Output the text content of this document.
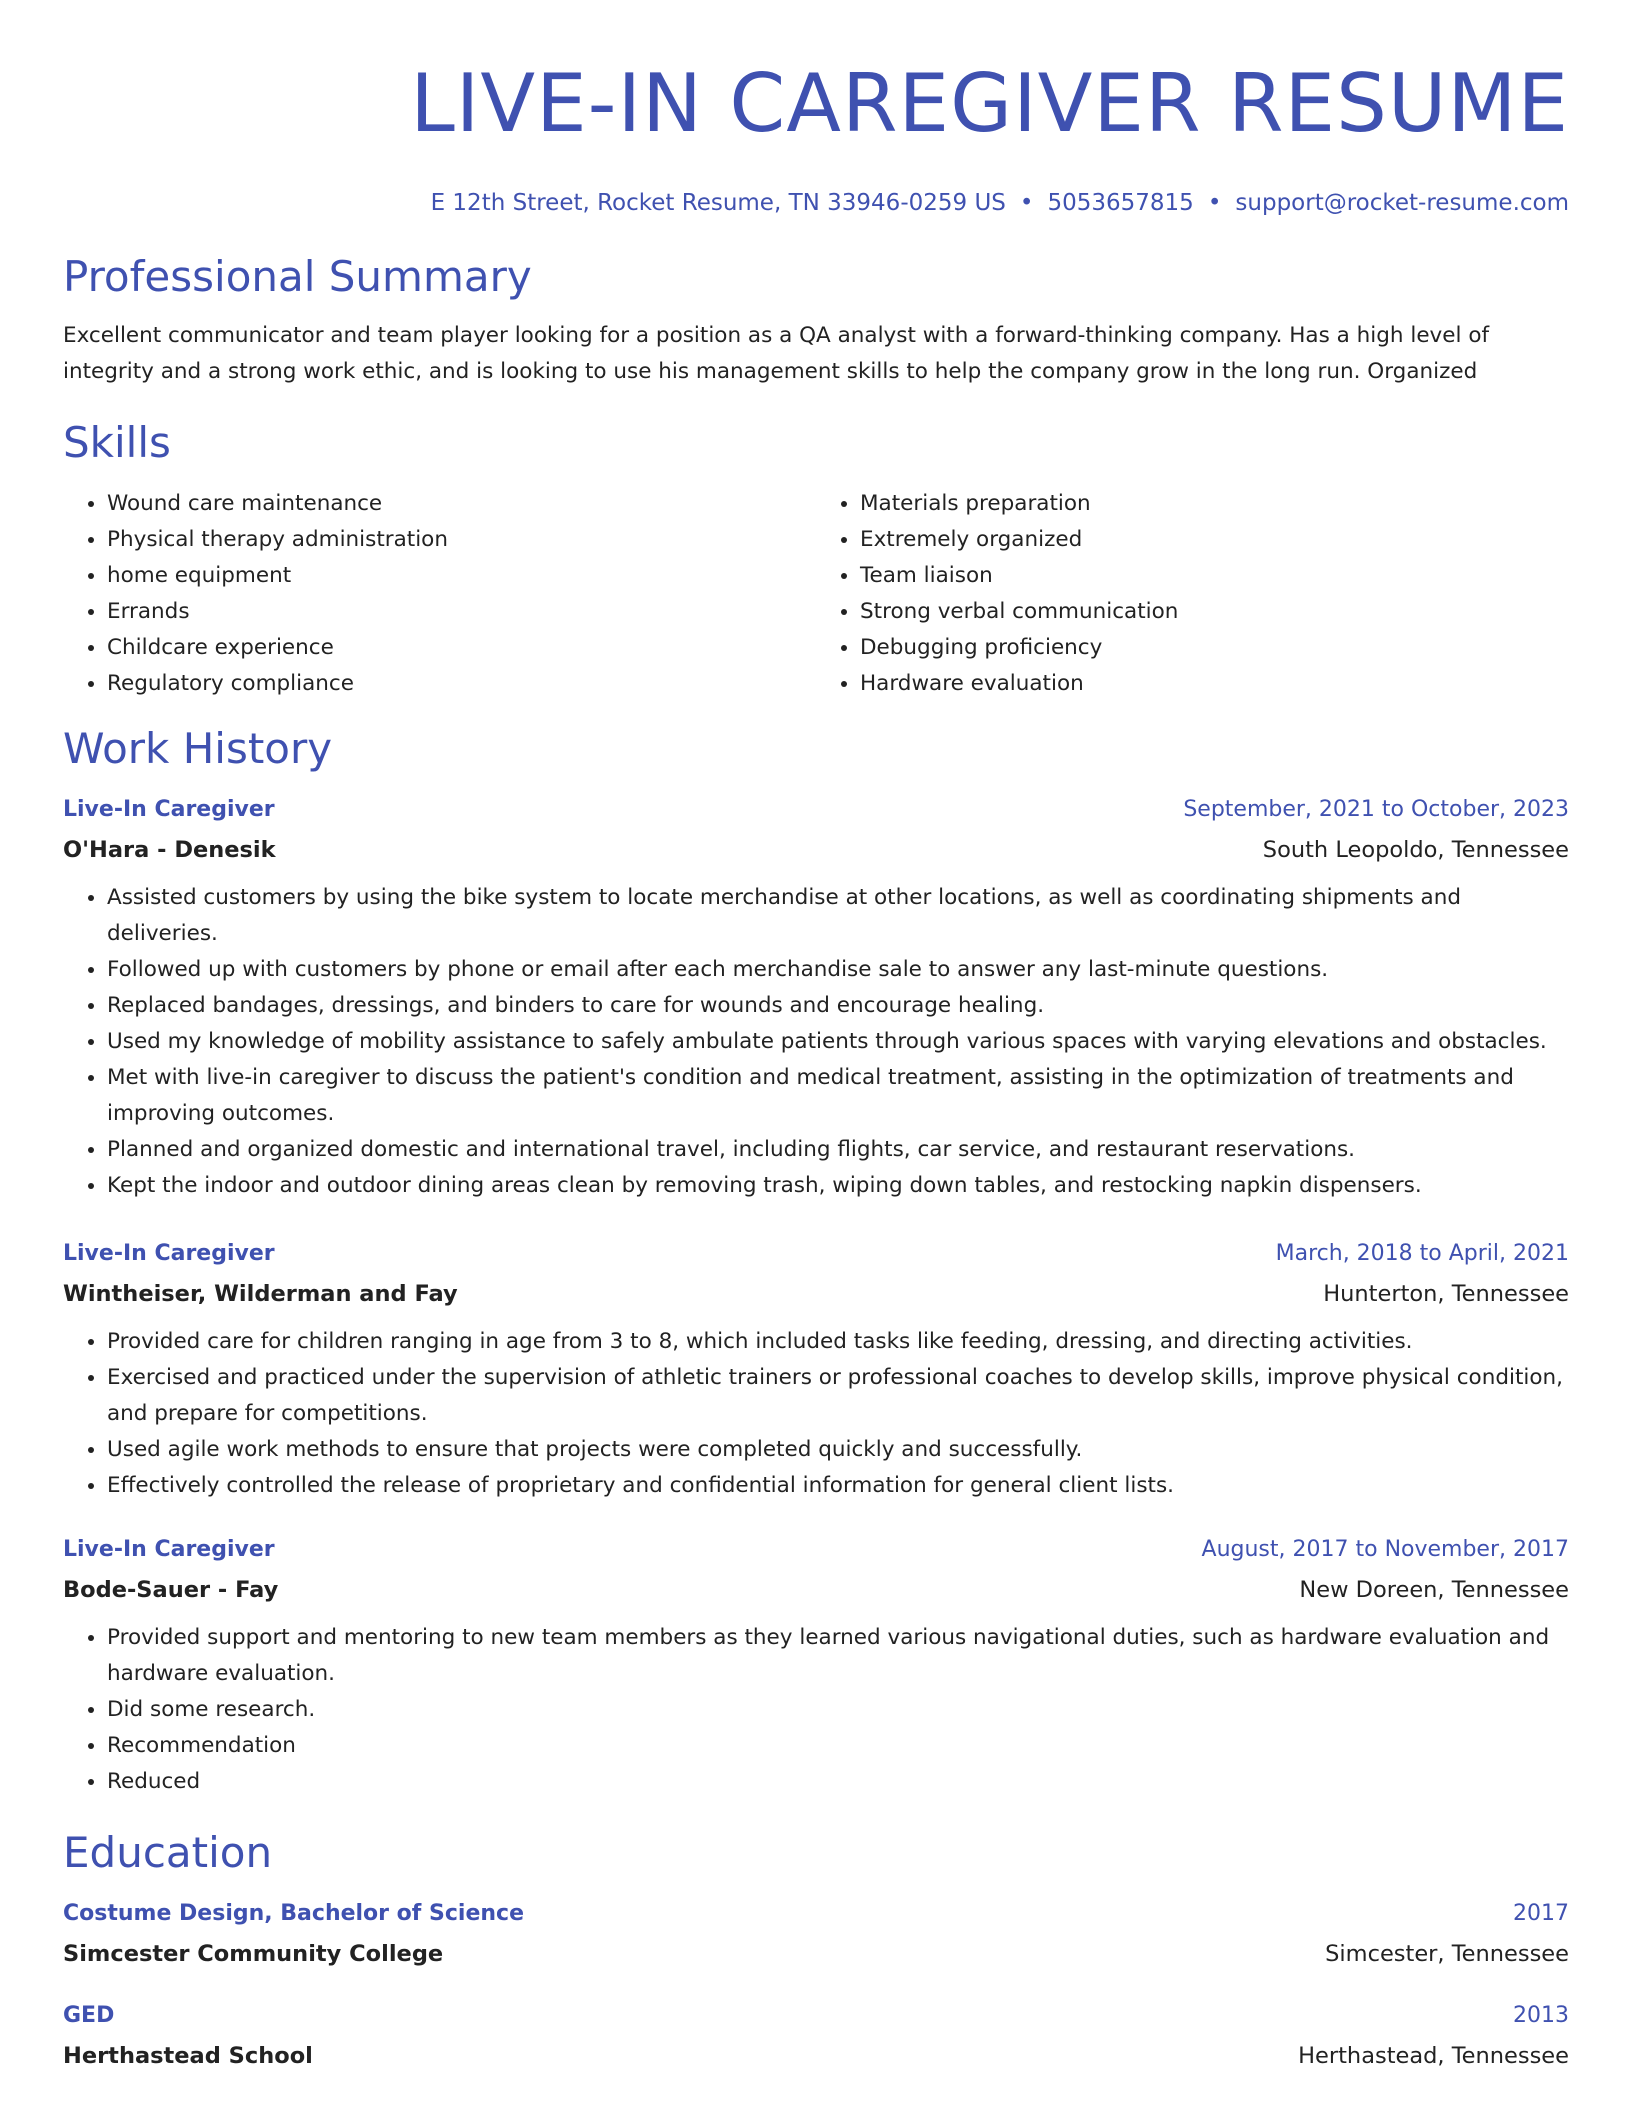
LIVE-IN CAREGIVER RESUME
E 12th Street, Rocket Resume, TN 33946-0259 US • 5053657815 • support@rocket-resume.com
Professional Summary
Excellent communicator and team player looking for a position as a QA analyst with a forward-thinking company. Has a high level of integrity and a strong work ethic, and is looking to use his management skills to help the company grow in the long run. Organized
Skills
• Wound care maintenance
• Physical therapy administration
• home equipment
• Errands
• Childcare experience
• Regulatory compliance
• Materials preparation
• Extremely organized
• Team liaison
• Strong verbal communication
• Debugging proficiency
• Hardware evaluation
Work History
Live-In Caregiver	September, 2021 to October, 2023
O'Hara - Denesik	South Leopoldo, Tennessee
• Assisted customers by using the bike system to locate merchandise at other locations, as well as coordinating shipments and deliveries.
• Followed up with customers by phone or email after each merchandise sale to answer any last-minute questions.
• Replaced bandages, dressings, and binders to care for wounds and encourage healing.
• Used my knowledge of mobility assistance to safely ambulate patients through various spaces with varying elevations and obstacles.
• Met with live-in caregiver to discuss the patient's condition and medical treatment, assisting in the optimization of treatments and improving outcomes.
• Planned and organized domestic and international travel, including flights, car service, and restaurant reservations.
• Kept the indoor and outdoor dining areas clean by removing trash, wiping down tables, and restocking napkin dispensers.
Live-In Caregiver	March, 2018 to April, 2021
Wintheiser, Wilderman and Fay	Hunterton, Tennessee
• Provided care for children ranging in age from 3 to 8, which included tasks like feeding, dressing, and directing activities.
• Exercised and practiced under the supervision of athletic trainers or professional coaches to develop skills, improve physical condition, and prepare for competitions.
• Used agile work methods to ensure that projects were completed quickly and successfully.
• Effectively controlled the release of proprietary and confidential information for general client lists.
Live-In Caregiver	August, 2017 to November, 2017
Bode-Sauer - Fay	New Doreen, Tennessee
• Provided support and mentoring to new team members as they learned various navigational duties, such as hardware evaluation and hardware evaluation.
• Did some research.
• Recommendation
• Reduced
Education
Costume Design, Bachelor of Science	2017
Simcester Community College	Simcester, Tennessee
GED	2013
Herthastead School	Herthastead, Tennessee
